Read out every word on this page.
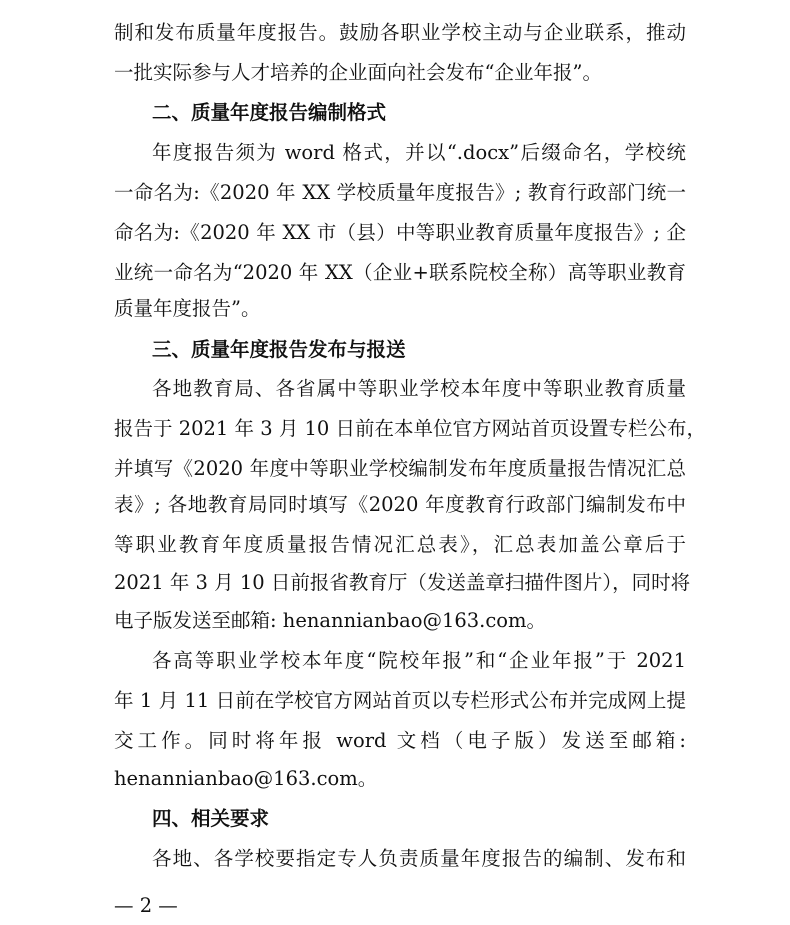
制和发布质量年度报告。鼓励各职业学校主动与企业联系，推动
一批实际参与人才培养的企业面向社会发布“企业年报”。
二、质量年度报告编制格式
年度报告须为 word 格式，并以“.docx”后缀命名，学校统
一命名为:《2020 年 XX 学校质量年度报告》; 教育行政部门统一
命名为:《2020 年 XX 市（县）中等职业教育质量年度报告》; 企
业统一命名为“2020 年 XX（企业+联系院校全称）高等职业教育
质量年度报告”。
三、质量年度报告发布与报送
各地教育局、各省属中等职业学校本年度中等职业教育质量
报告于 2021 年 3 月 10 日前在本单位官方网站首页设置专栏公布，
并填写《2020 年度中等职业学校编制发布年度质量报告情况汇总
表》; 各地教育局同时填写《2020 年度教育行政部门编制发布中
等职业教育年度质量报告情况汇总表》，汇总表加盖公章后于
2021 年 3 月 10 日前报省教育厅（发送盖章扫描件图片），同时将
电子版发送至邮箱: henannianbao@163.com。
各高等职业学校本年度“院校年报”和“企业年报”于 2021
年 1 月 11 日前在学校官方网站首页以专栏形式公布并完成网上提
交工作。同时将年报 word 文档（电子版）发送至邮箱:
henannianbao@163.com。
四、相关要求
各地、各学校要指定专人负责质量年度报告的编制、发布和
— 2 —
